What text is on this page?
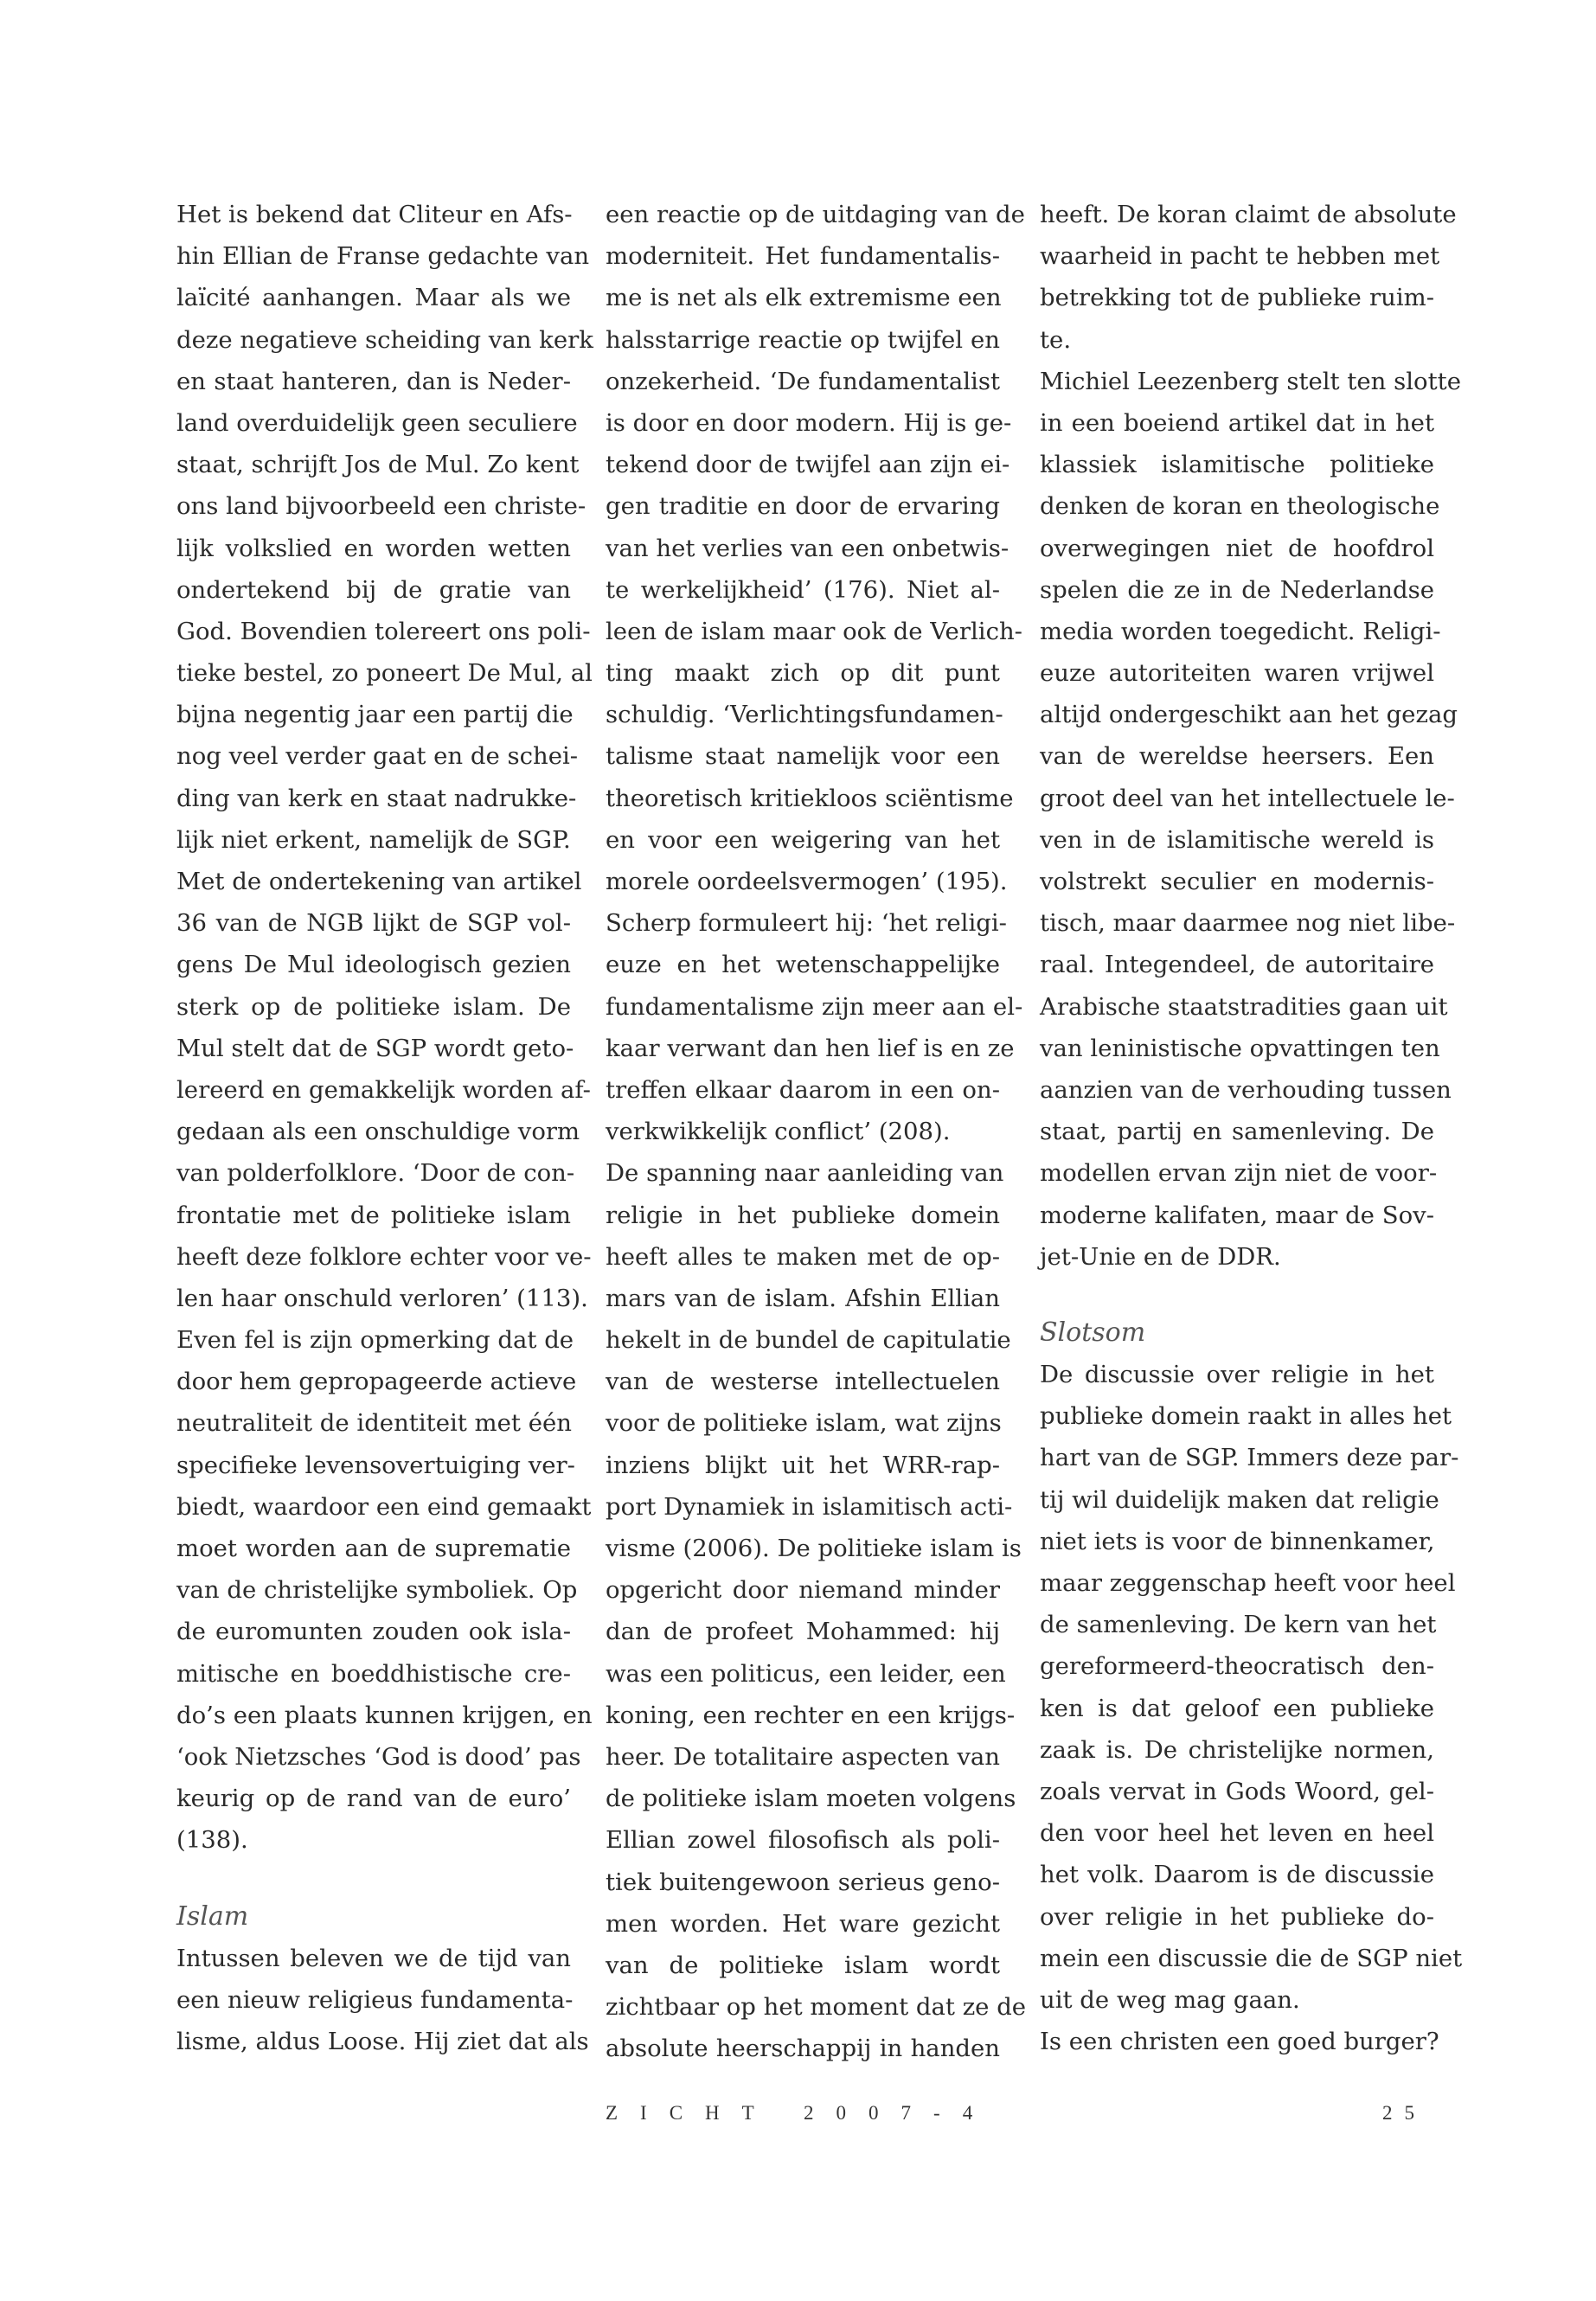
Het is bekend dat Cliteur en Afs-
hin Ellian de Franse gedachte van
laïcité aanhangen. Maar als we
deze negatieve scheiding van kerk
en staat hanteren, dan is Neder-
land overduidelijk geen seculiere
staat, schrijft Jos de Mul. Zo kent
ons land bijvoorbeeld een christe-
lijk volkslied en worden wetten
ondertekend bij de gratie van
God. Bovendien tolereert ons poli-
tieke bestel, zo poneert De Mul, al
bijna negentig jaar een partij die
nog veel verder gaat en de schei-
ding van kerk en staat nadrukke-
lijk niet erkent, namelijk de SGP.
Met de ondertekening van artikel
36 van de NGB lijkt de SGP vol-
gens De Mul ideologisch gezien
sterk op de politieke islam. De
Mul stelt dat de SGP wordt geto-
lereerd en gemakkelijk worden af-
gedaan als een onschuldige vorm
van polderfolklore. ‘Door de con-
frontatie met de politieke islam
heeft deze folklore echter voor ve-
len haar onschuld verloren’ (113).
Even fel is zijn opmerking dat de
door hem gepropageerde actieve
neutraliteit de identiteit met één
specifieke levensovertuiging ver-
biedt, waardoor een eind gemaakt
moet worden aan de suprematie
van de christelijke symboliek. Op
de euromunten zouden ook isla-
mitische en boeddhistische cre-
do’s een plaats kunnen krijgen, en
‘ook Nietzsches ‘God is dood’ pas
keurig op de rand van de euro’
(138).
Islam
Intussen beleven we de tijd van
een nieuw religieus fundamenta-
lisme, aldus Loose. Hij ziet dat als
een reactie op de uitdaging van de
moderniteit. Het fundamentalis-
me is net als elk extremisme een
halsstarrige reactie op twijfel en
onzekerheid. ‘De fundamentalist
is door en door modern. Hij is ge-
tekend door de twijfel aan zijn ei-
gen traditie en door de ervaring
van het verlies van een onbetwis-
te werkelijkheid’ (176). Niet al-
leen de islam maar ook de Verlich-
ting maakt zich op dit punt
schuldig. ‘Verlichtingsfundamen-
talisme staat namelijk voor een
theoretisch kritiekloos sciëntisme
en voor een weigering van het
morele oordeelsvermogen’ (195).
Scherp formuleert hij: ‘het religi-
euze en het wetenschappelijke
fundamentalisme zijn meer aan el-
kaar verwant dan hen lief is en ze
treffen elkaar daarom in een on-
verkwikkelijk conflict’ (208).
De spanning naar aanleiding van
religie in het publieke domein
heeft alles te maken met de op-
mars van de islam. Afshin Ellian
hekelt in de bundel de capitulatie
van de westerse intellectuelen
voor de politieke islam, wat zijns
inziens blijkt uit het WRR-rap-
port Dynamiek in islamitisch acti-
visme (2006). De politieke islam is
opgericht door niemand minder
dan de profeet Mohammed: hij
was een politicus, een leider, een
koning, een rechter en een krijgs-
heer. De totalitaire aspecten van
de politieke islam moeten volgens
Ellian zowel filosofisch als poli-
tiek buitengewoon serieus geno-
men worden. Het ware gezicht
van de politieke islam wordt
zichtbaar op het moment dat ze de
absolute heerschappij in handen
heeft. De koran claimt de absolute
waarheid in pacht te hebben met
betrekking tot de publieke ruim-
te.
Michiel Leezenberg stelt ten slotte
in een boeiend artikel dat in het
klassiek islamitische politieke
denken de koran en theologische
overwegingen niet de hoofdrol
spelen die ze in de Nederlandse
media worden toegedicht. Religi-
euze autoriteiten waren vrijwel
altijd ondergeschikt aan het gezag
van de wereldse heersers. Een
groot deel van het intellectuele le-
ven in de islamitische wereld is
volstrekt seculier en modernis-
tisch, maar daarmee nog niet libe-
raal. Integendeel, de autoritaire
Arabische staatstradities gaan uit
van leninistische opvattingen ten
aanzien van de verhouding tussen
staat, partij en samenleving. De
modellen ervan zijn niet de voor-
moderne kalifaten, maar de Sov-
jet-Unie en de DDR.
Slotsom
De discussie over religie in het
publieke domein raakt in alles het
hart van de SGP. Immers deze par-
tij wil duidelijk maken dat religie
niet iets is voor de binnenkamer,
maar zeggenschap heeft voor heel
de samenleving. De kern van het
gereformeerd-theocratisch den-
ken is dat geloof een publieke
zaak is. De christelijke normen,
zoals vervat in Gods Woord, gel-
den voor heel het leven en heel
het volk. Daarom is de discussie
over religie in het publieke do-
mein een discussie die de SGP niet
uit de weg mag gaan.
Is een christen een goed burger?
ZICHT 2007-4	25
